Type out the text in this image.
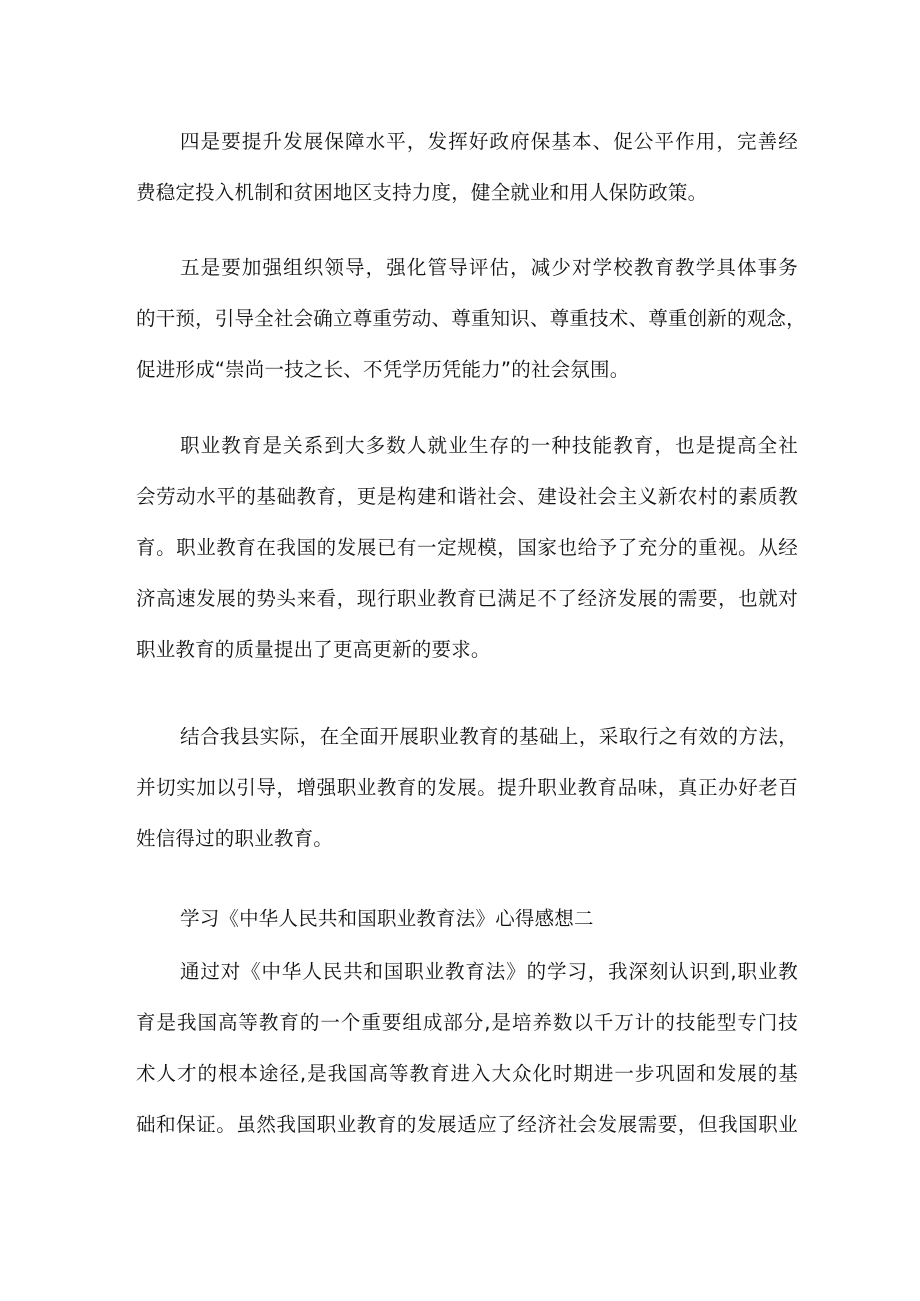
四是要提升发展保障水平，发挥好政府保基本、促公平作用，完善经
费稳定投入机制和贫困地区支持力度，健全就业和用人保防政策。
五是要加强组织领导，强化管导评估，减少对学校教育教学具体事务
的干预，引导全社会确立尊重劳动、尊重知识、尊重技术、尊重创新的观念，
促进形成“崇尚一技之长、不凭学历凭能力”的社会氛围。
职业教育是关系到大多数人就业生存的一种技能教育，也是提高全社
会劳动水平的基础教育，更是构建和谐社会、建设社会主义新农村的素质教
育。职业教育在我国的发展已有一定规模，国家也给予了充分的重视。从经
济高速发展的势头来看，现行职业教育已满足不了经济发展的需要，也就对
职业教育的质量提出了更高更新的要求。
结合我县实际，在全面开展职业教育的基础上，采取行之有效的方法，
并切实加以引导，增强职业教育的发展。提升职业教育品味，真正办好老百
姓信得过的职业教育。
学习《中华人民共和国职业教育法》心得感想二
通过对《中华人民共和国职业教育法》的学习，我深刻认识到,职业教
育是我国高等教育的一个重要组成部分,是培养数以千万计的技能型专门技
术人才的根本途径,是我国高等教育进入大众化时期进一步巩固和发展的基
础和保证。虽然我国职业教育的发展适应了经济社会发展需要，但我国职业
